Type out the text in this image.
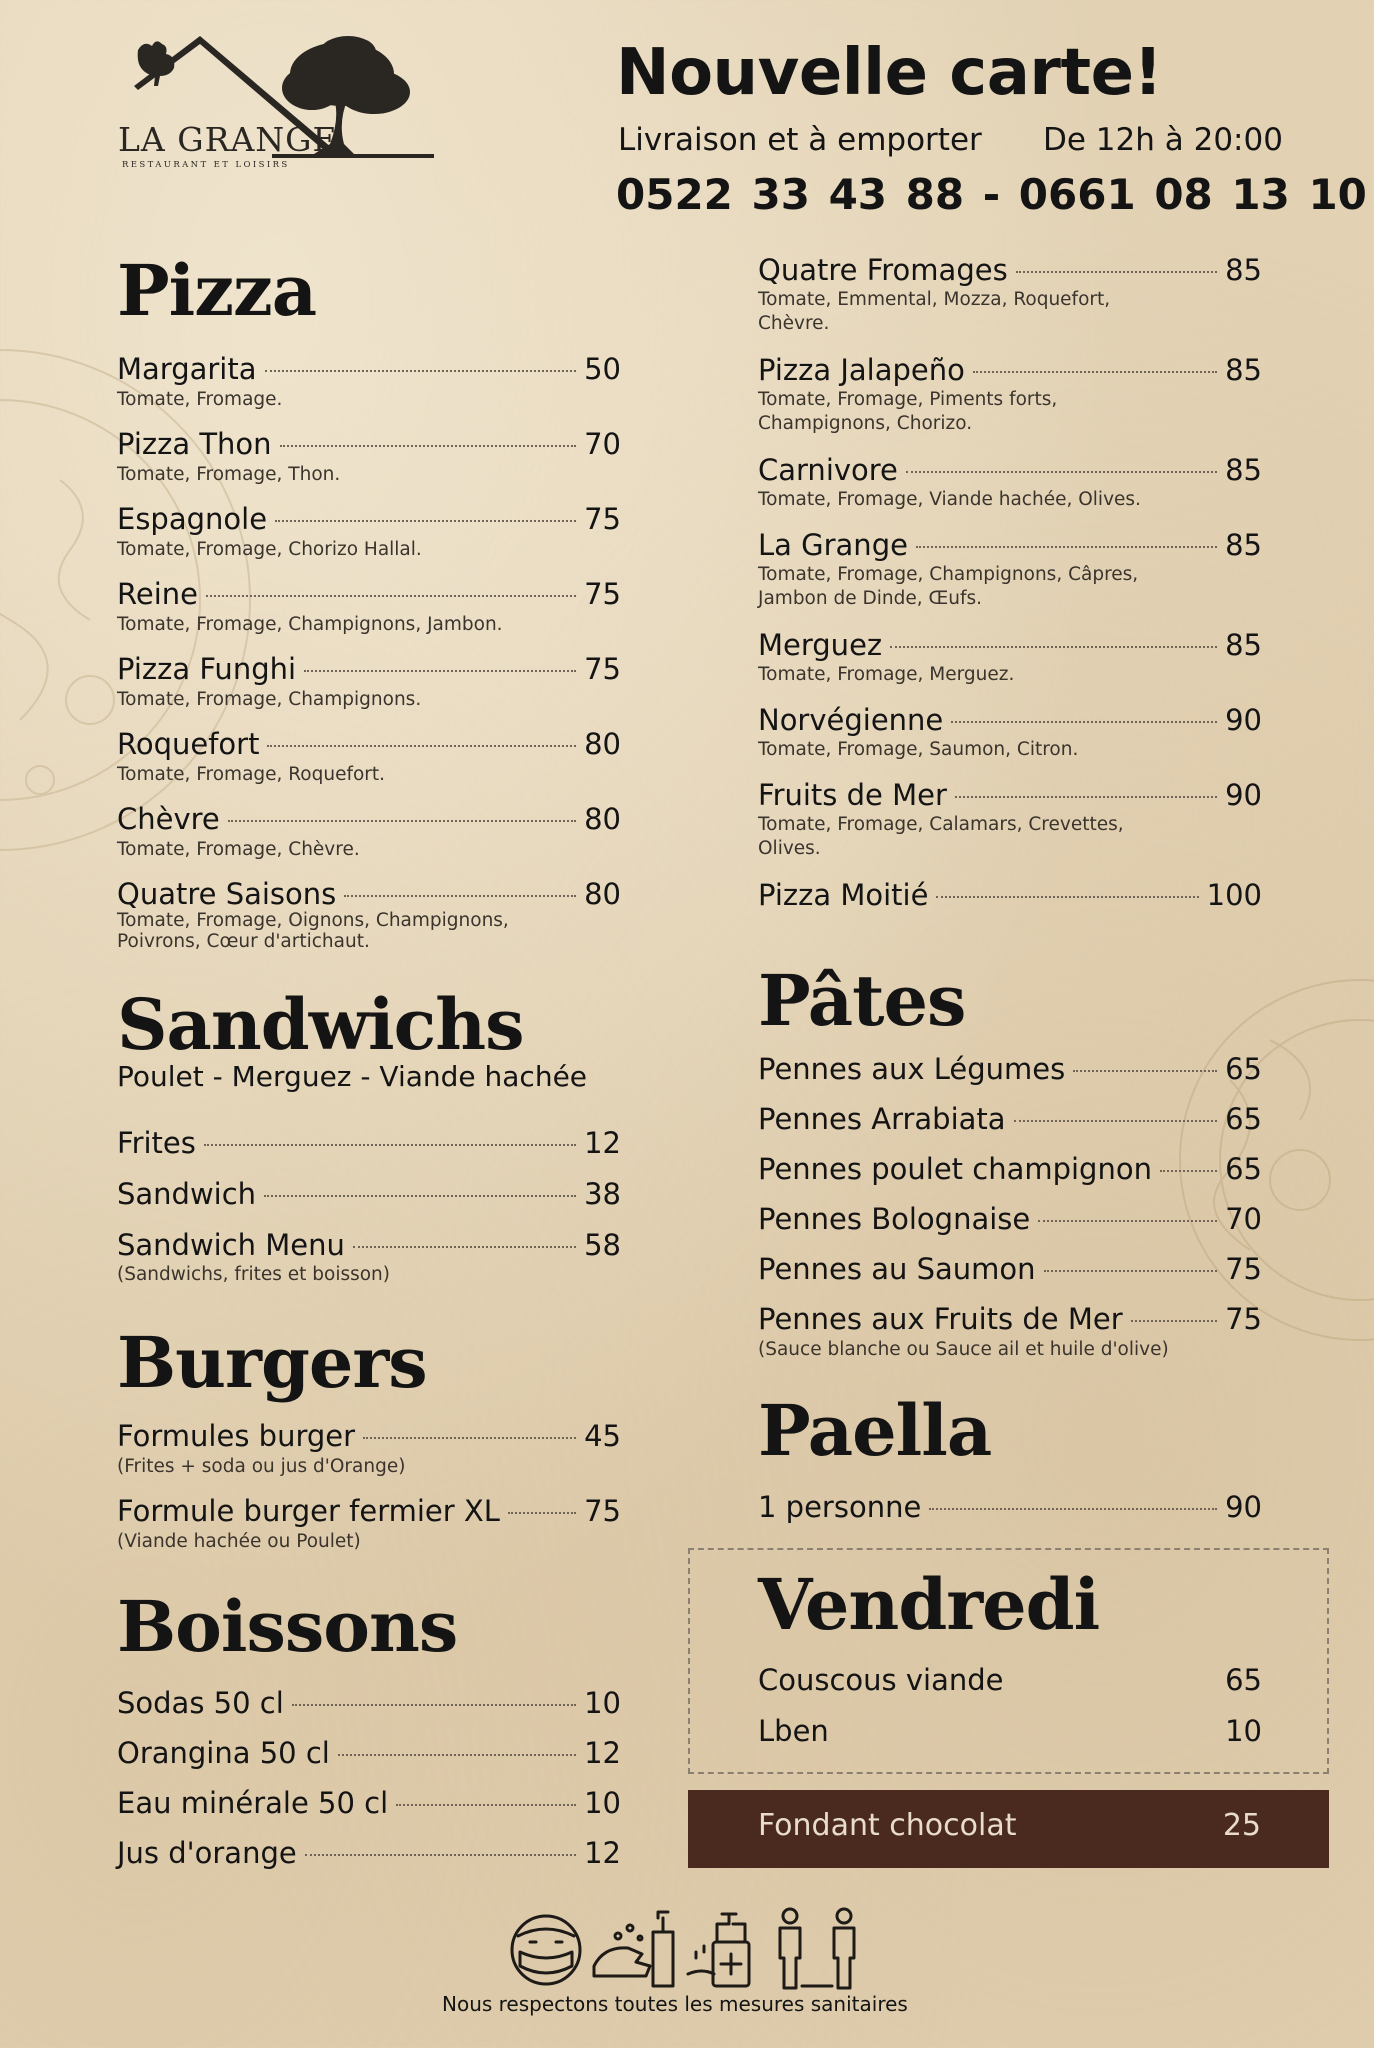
LA GRANGE
RESTAURANT ET LOISIRS
Nouvelle carte!
Livraison et à emporter De 12h à 20:00
0522 33 43 88 - 0661 08 13 10
Pizza
Margarita	50
Tomate, Fromage.
Pizza Thon	70
Tomate, Fromage, Thon.
Espagnole	75
Tomate, Fromage, Chorizo Hallal.
Reine	75
Tomate, Fromage, Champignons, Jambon.
Pizza Funghi	75
Tomate, Fromage, Champignons.
Roquefort	80
Tomate, Fromage, Roquefort.
Chèvre	80
Tomate, Fromage, Chèvre.
Quatre Saisons	80
Tomate, Fromage, Oignons, Champignons, Poivrons, Cœur d'artichaut.
Quatre Fromages	85
Tomate, Emmental, Mozza, Roquefort, Chèvre.
Pizza Jalapeño	85
Tomate, Fromage, Piments forts, Champignons, Chorizo.
Carnivore	85
Tomate, Fromage, Viande hachée, Olives.
La Grange	85
Tomate, Fromage, Champignons, Câpres, Jambon de Dinde, Œufs.
Merguez	85
Tomate, Fromage, Merguez.
Norvégienne	90
Tomate, Fromage, Saumon, Citron.
Fruits de Mer	90
Tomate, Fromage, Calamars, Crevettes, Olives.
Pizza Moitié	100
Sandwichs
Poulet - Merguez - Viande hachée
Frites	12
Sandwich	38
Sandwich Menu	58
(Sandwichs, frites et boisson)
Burgers
Formules burger	45
(Frites + soda ou jus d'Orange)
Formule burger fermier XL	75
(Viande hachée ou Poulet)
Boissons
Sodas 50 cl	10
Orangina 50 cl	12
Eau minérale 50 cl	10
Jus d'orange	12
Pâtes
Pennes aux Légumes	65
Pennes Arrabiata	65
Pennes poulet champignon	65
Pennes Bolognaise	70
Pennes au Saumon	75
Pennes aux Fruits de Mer	75
(Sauce blanche ou Sauce ail et huile d'olive)
Paella
1 personne	90
Vendredi
Couscous viande	65
Lben	10
Fondant chocolat	25
Nous respectons toutes les mesures sanitaires
